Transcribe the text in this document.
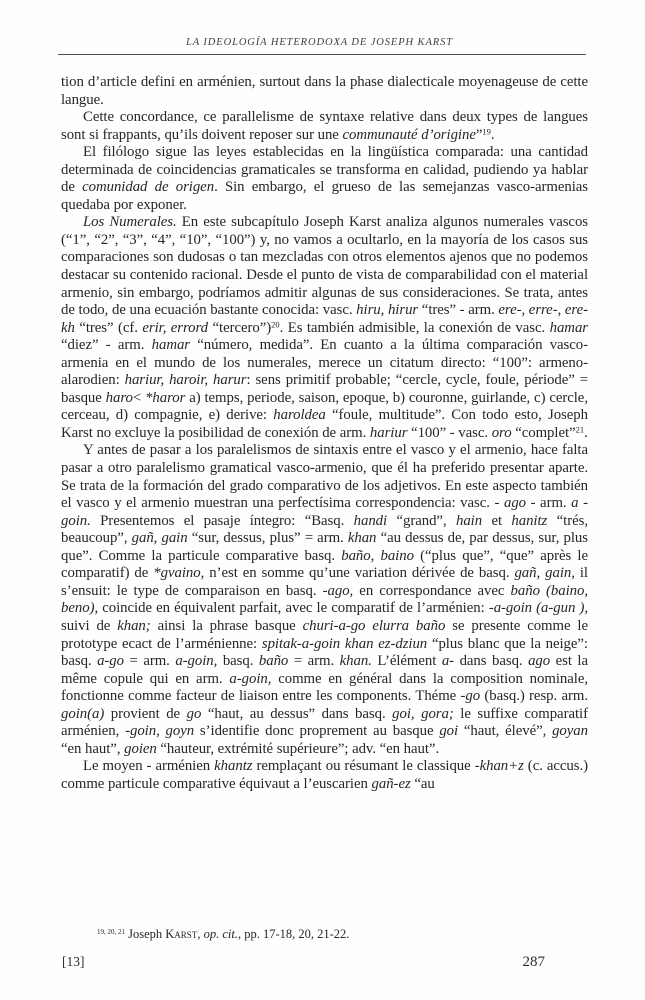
LA IDEOLOGÍA HETERODOXA DE JOSEPH KARST

tion d’article defini en arménien, surtout dans la phase dialecticale moyenageuse de cette langue.

Cette concordance, ce parallelisme de syntaxe relative dans deux types de langues sont si frappants, qu’ils doivent reposer sur une communauté d’origine”$^{19}$.

El filólogo sigue las leyes establecidas en la lingüística comparada: una cantidad determinada de coincidencias gramaticales se transforma en calidad, pudiendo ya hablar de comunidad de origen. Sin embargo, el grueso de las semejanzas vasco-armenias quedaba por exponer.

Los Numerales. En este subcapítulo Joseph Karst analiza algunos numerales vascos (“1”, “2”, “3”, “4”, “10”, “100”) y, no vamos a ocultarlo, en la mayoría de los casos sus comparaciones son dudosas o tan mezcladas con otros elementos ajenos que no podemos destacar su contenido racional. Desde el punto de vista de comparabilidad con el material armenio, sin embargo, podríamos admitir algunas de sus consideraciones. Se trata, antes de todo, de una ecuación bastante conocida: vasc. hiru, hirur “tres” - arm. ere-, erre-, ere-kh “tres” (cf. erir, errord “tercero”)$^{20}$. Es también admisible, la conexión de vasc. hamar “diez” - arm. hamar “número, medida”. En cuanto a la última comparación vasco-armenia en el mundo de los numerales, merece un citatum directo: “100”: armeno-alarodien: hariur, haroir, harur: sens primitif probable; “cercle, cycle, foule, période” = basque haro< *haror a) temps, periode, saison, epoque, b) couronne, guirlande, c) cercle, cerceau, d) compagnie, e) derive: haroldea “foule, multitude”. Con todo esto, Joseph Karst no excluye la posibilidad de conexión de arm. hariur “100” - vasc. oro “complet”$^{21}$.

Y antes de pasar a los paralelismos de sintaxis entre el vasco y el armenio, hace falta pasar a otro paralelismo gramatical vasco-armenio, que él ha preferido presentar aparte. Se trata de la formación del grado comparativo de los adjetivos. En este aspecto también el vasco y el armenio muestran una perfectísima correspondencia: vasc. - ago - arm. a - goin. Presentemos el pasaje íntegro: “Basq. handi “grand”, hain et hanitz “trés, beaucoup”, gañ, gain “sur, dessus, plus” = arm. khan “au dessus de, par dessus, sur, plus que”. Comme la particule comparative basq. baño, baino (“plus que”, “que” après le comparatif) de *gvaino, n’est en somme qu’une variation dérivée de basq. gañ, gain, il s’ensuit: le type de comparaison en basq. -ago, en correspondance avec baño (baino, beno), coincide en équivalent parfait, avec le comparatif de l’arménien: -a-goin (a-gun ), suivi de khan; ainsi la phrase basque churi-a-go elurra baño se presente comme le prototype ecact de l’arménienne: spitak-a-goin khan ez-dziun “plus blanc que la neige”: basq. a-go = arm. a-goin, basq. baño = arm. khan. L’élément a- dans basq. ago est la même copule qui en arm. a-goin, comme en général dans la composition nominale, fonctionne comme facteur de liaison entre les components. Théme -go (basq.) resp. arm. goin(a) provient de go “haut, au dessus” dans basq. goi, gora; le suffixe comparatif arménien, -goin, goyn s’identifie donc proprement au basque goi “haut, élevé”, goyan “en haut”, goien “hauteur, extrémité supérieure”; adv. “en haut”.

Le moyen - arménien khantz remplaçant ou résumant le classique -khan+z (c. accus.) comme particule comparative équivaut a l’euscarien gañ-ez “au

$^{19, 20, 21}$ Joseph Karst, op. cit., pp. 17-18, 20, 21-22.

[13]	287
